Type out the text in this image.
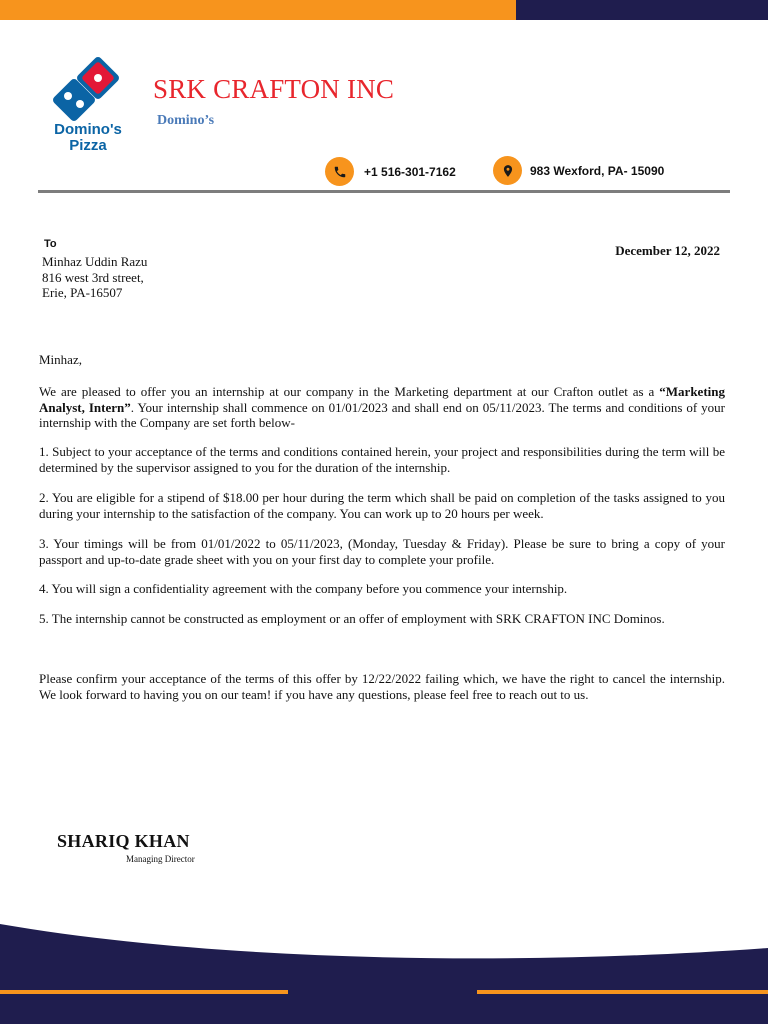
Domino's
Pizza
SRK CRAFTON INC
Domino’s
+1 516-301-7162	983 Wexford, PA- 15090
To
Minhaz Uddin Razu
816 west 3rd street,
Erie, PA-16507
December 12, 2022

Minhaz,

We are pleased to offer you an internship at our company in the Marketing department at our Crafton outlet as a “Marketing Analyst, Intern”. Your internship shall commence on 01/01/2023 and shall end on 05/11/2023. The terms and conditions of your internship with the Company are set forth below-

1. Subject to your acceptance of the terms and conditions contained herein, your project and responsibilities during the term will be determined by the supervisor assigned to you for the duration of the internship.

2. You are eligible for a stipend of $18.00 per hour during the term which shall be paid on completion of the tasks assigned to you during your internship to the satisfaction of the company. You can work up to 20 hours per week.

3. Your timings will be from 01/01/2022 to 05/11/2023, (Monday, Tuesday & Friday). Please be sure to bring a copy of your passport and up-to-date grade sheet with you on your first day to complete your profile.

4. You will sign a confidentiality agreement with the company before you commence your internship.

5. The internship cannot be constructed as employment or an offer of employment with SRK CRAFTON INC Dominos.

Please confirm your acceptance of the terms of this offer by 12/22/2022 failing which, we have the right to cancel the internship. We look forward to having you on our team! if you have any questions, please feel free to reach out to us.

SHARIQ KHAN
Managing Director
